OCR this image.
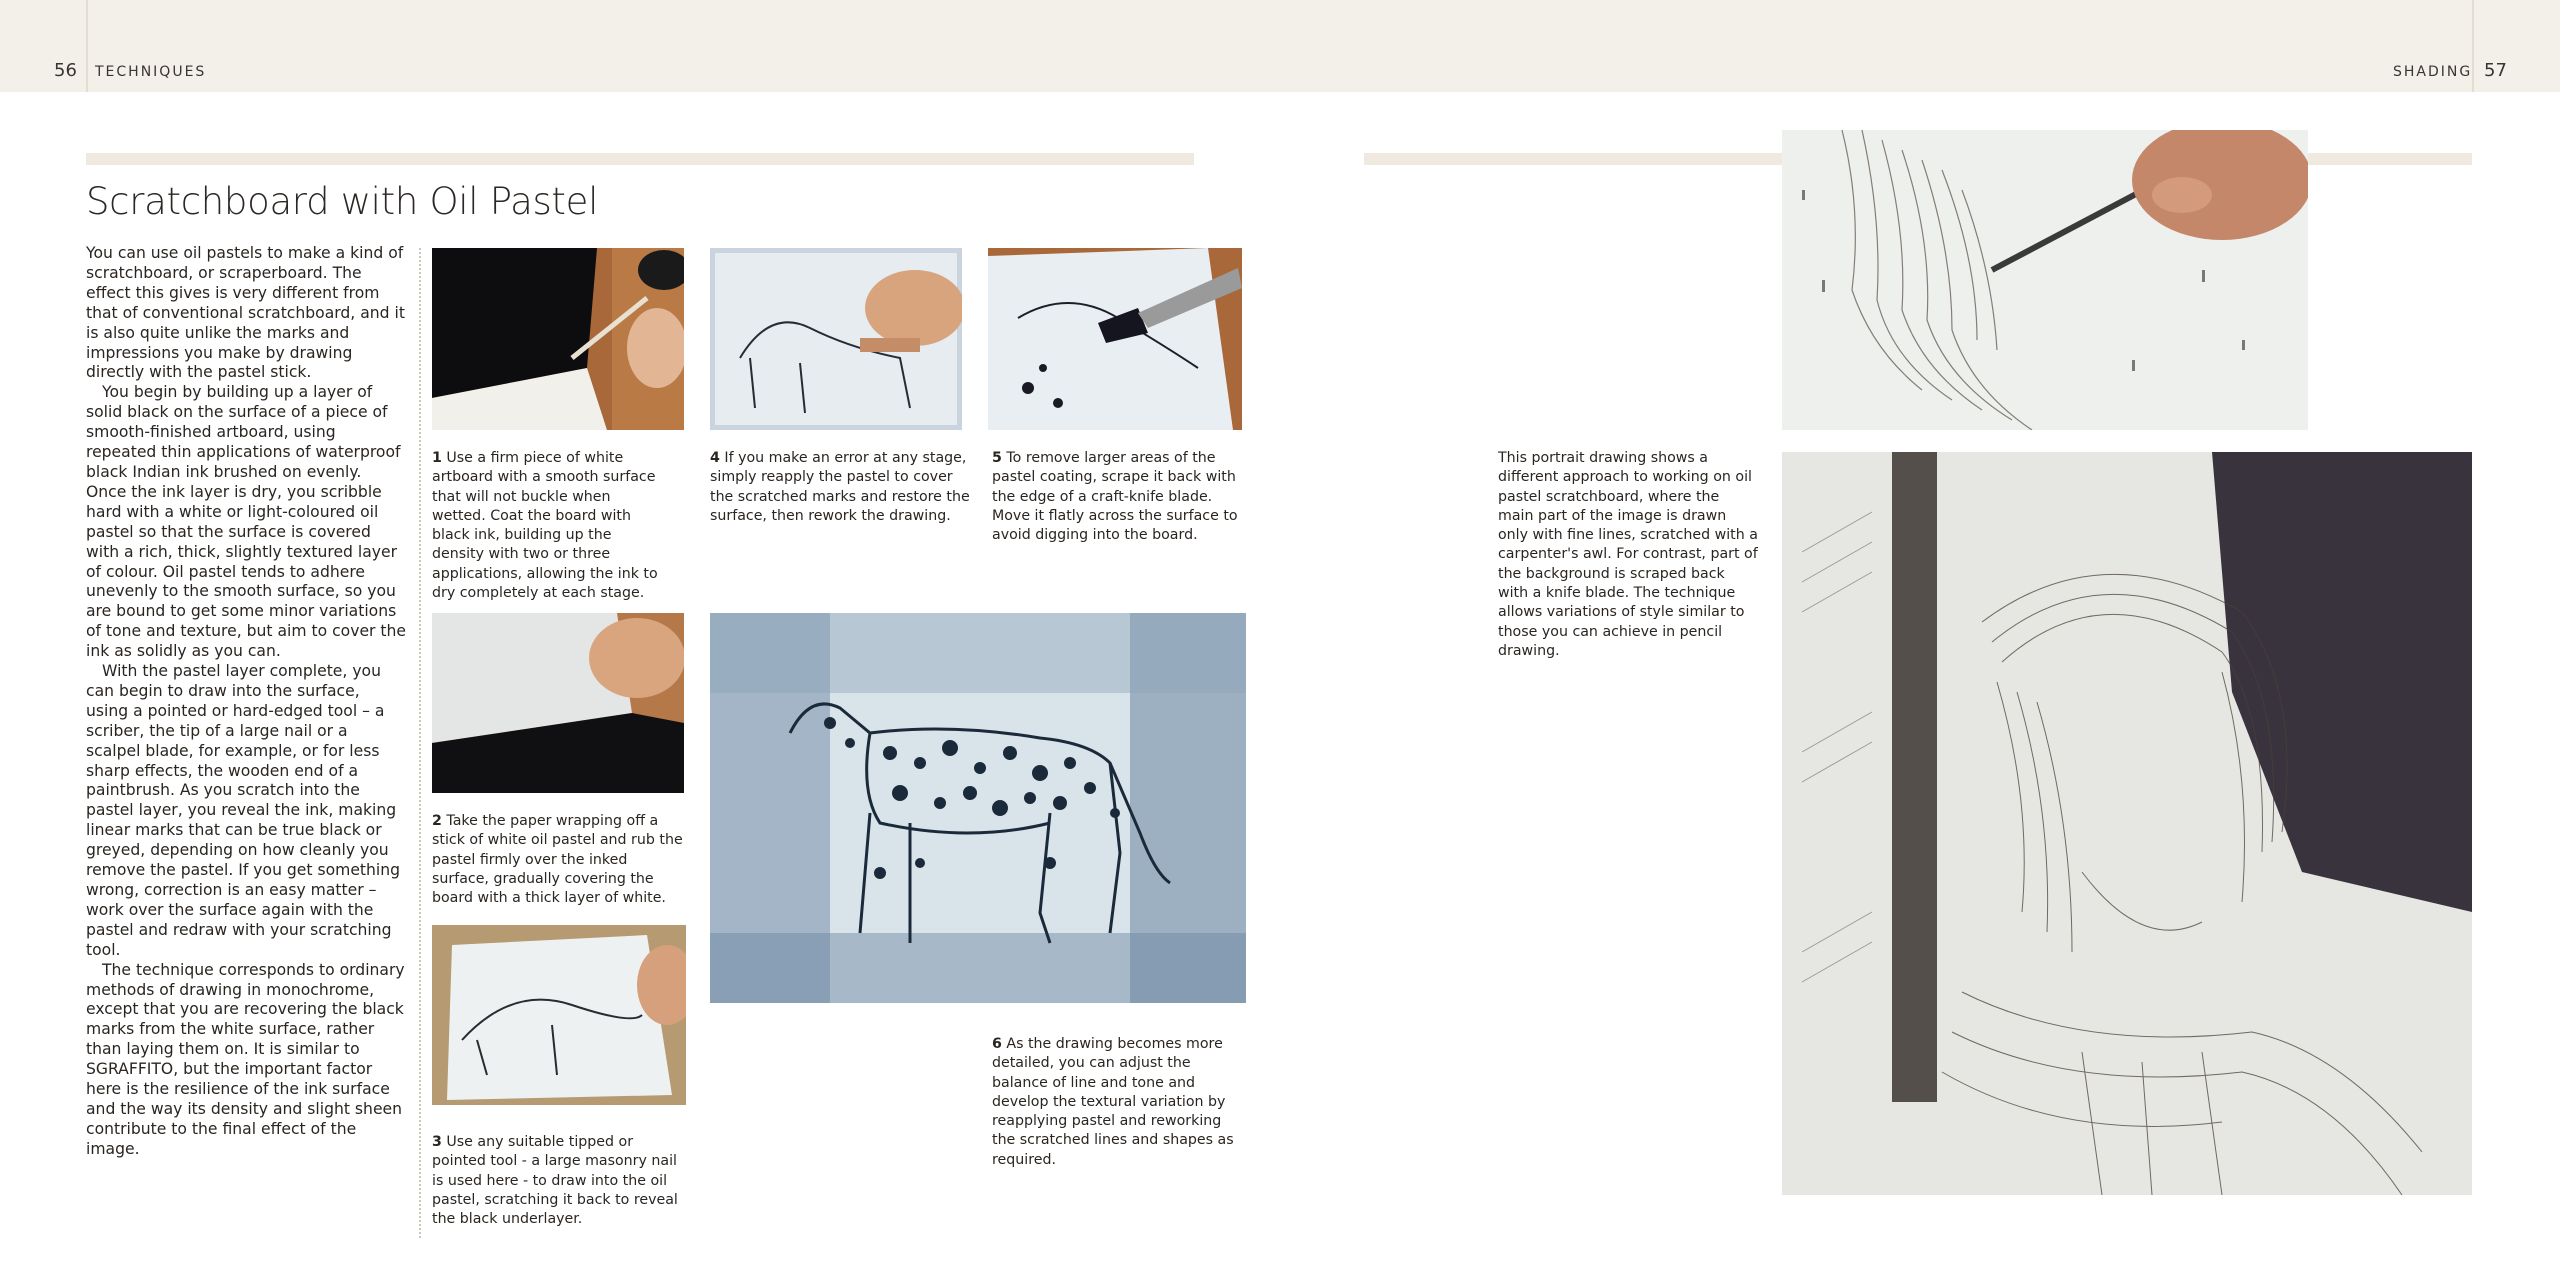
56 TECHNIQUES	SHADING 57
Scratchboard with Oil Pastel

You can use oil pastels to make a kind of scratchboard, or scraperboard. The effect this gives is very different from that of conventional scratchboard, and it is also quite unlike the marks and impressions you make by drawing directly with the pastel stick.

You begin by building up a layer of solid black on the surface of a piece of smooth-finished artboard, using repeated thin applications of waterproof black Indian ink brushed on evenly. Once the ink layer is dry, you scribble hard with a white or light-coloured oil pastel so that the surface is covered with a rich, thick, slightly textured layer of colour. Oil pastel tends to adhere unevenly to the smooth surface, so you are bound to get some minor variations of tone and texture, but aim to cover the ink as solidly as you can.

With the pastel layer complete, you can begin to draw into the surface, using a pointed or hard-edged tool – a scriber, the tip of a large nail or a scalpel blade, for example, or for less sharp effects, the wooden end of a paintbrush. As you scratch into the pastel layer, you reveal the ink, making linear marks that can be true black or greyed, depending on how cleanly you remove the pastel. If you get something wrong, correction is an easy matter – work over the surface again with the pastel and redraw with your scratching tool.

The technique corresponds to ordinary methods of drawing in monochrome, except that you are recovering the black marks from the white surface, rather than laying them on. It is similar to SGRAFFITO, but the important factor here is the resilience of the ink surface and the way its density and slight sheen contribute to the final effect of the image.

1 Use a firm piece of white artboard with a smooth surface that will not buckle when wetted. Coat the board with black ink, building up the density with two or three applications, allowing the ink to dry completely at each stage.
2 Take the paper wrapping off a stick of white oil pastel and rub the pastel firmly over the inked surface, gradually covering the board with a thick layer of white.
3 Use any suitable tipped or pointed tool - a large masonry nail is used here - to draw into the oil pastel, scratching it back to reveal the black underlayer.
4 If you make an error at any stage, simply reapply the pastel to cover the scratched marks and restore the surface, then rework the drawing.
5 To remove larger areas of the pastel coating, scrape it back with the edge of a craft-knife blade. Move it flatly across the surface to avoid digging into the board.
6 As the drawing becomes more detailed, you can adjust the balance of line and tone and develop the textural variation by reapplying pastel and reworking the scratched lines and shapes as required.
This portrait drawing shows a different approach to working on oil pastel scratchboard, where the main part of the image is drawn only with fine lines, scratched with a carpenter's awl. For contrast, part of the background is scraped back with a knife blade. The technique allows variations of style similar to those you can achieve in pencil drawing.
